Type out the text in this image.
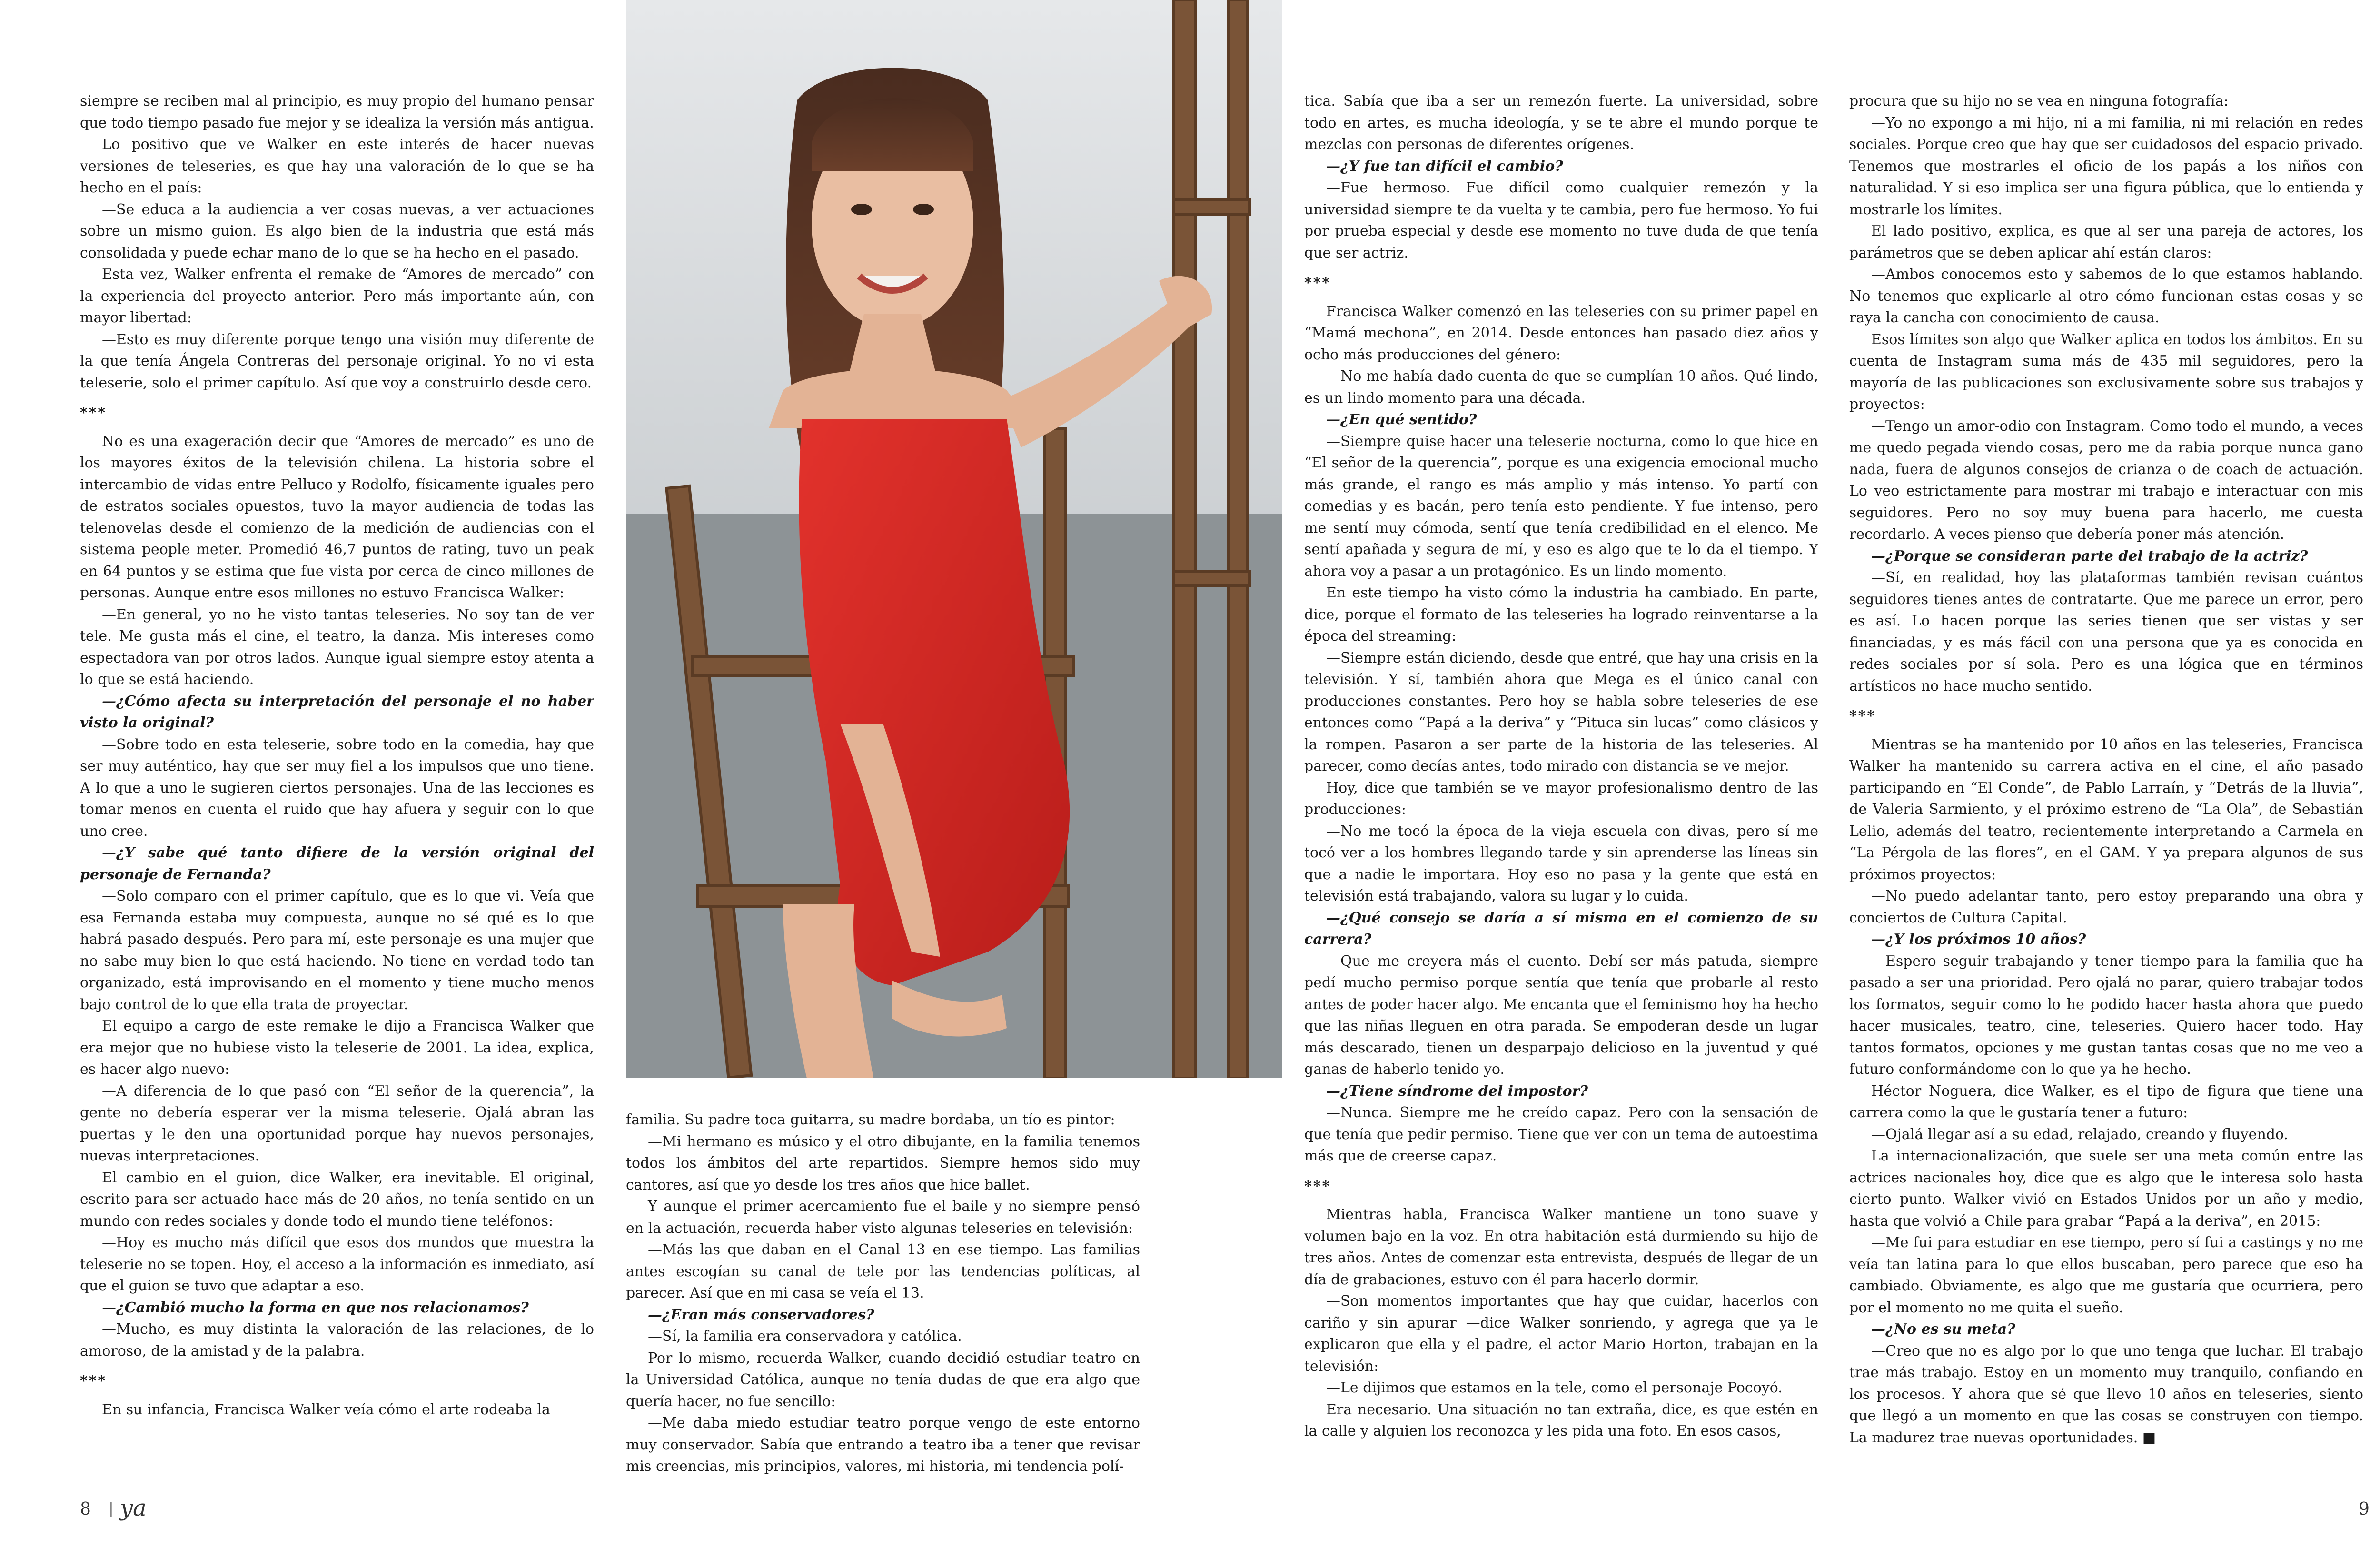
siempre se reciben mal al principio, es muy propio del humano pensar que todo tiempo pasado fue mejor y se idealiza la versión más antigua.

Lo positivo que ve Walker en este interés de hacer nuevas versiones de teleseries, es que hay una valoración de lo que se ha hecho en el país:

—Se educa a la audiencia a ver cosas nuevas, a ver actuaciones sobre un mismo guion. Es algo bien de la industria que está más consolidada y puede echar mano de lo que se ha hecho en el pasado.

Esta vez, Walker enfrenta el remake de “Amores de mercado” con la experiencia del proyecto anterior. Pero más importante aún, con mayor libertad:

—Esto es muy diferente porque tengo una visión muy diferente de la que tenía Ángela Contreras del personaje original. Yo no vi esta teleserie, solo el primer capítulo. Así que voy a construirlo desde cero.

***

No es una exageración decir que “Amores de mercado” es uno de los mayores éxitos de la televisión chilena. La historia sobre el intercambio de vidas entre Pelluco y Rodolfo, físicamente iguales pero de estratos sociales opuestos, tuvo la mayor audiencia de todas las telenovelas desde el comienzo de la medición de audiencias con el sistema people meter. Promedió 46,7 puntos de rating, tuvo un peak en 64 puntos y se estima que fue vista por cerca de cinco millones de personas. Aunque entre esos millones no estuvo Francisca Walker:

—En general, yo no he visto tantas teleseries. No soy tan de ver tele. Me gusta más el cine, el teatro, la danza. Mis intereses como espectadora van por otros lados. Aunque igual siempre estoy atenta a lo que se está haciendo.

—¿Cómo afecta su interpretación del personaje el no haber visto la original?

—Sobre todo en esta teleserie, sobre todo en la comedia, hay que ser muy auténtico, hay que ser muy fiel a los impulsos que uno tiene. A lo que a uno le sugieren ciertos personajes. Una de las lecciones es tomar menos en cuenta el ruido que hay afuera y seguir con lo que uno cree.

—¿Y sabe qué tanto difiere de la versión original del personaje de Fernanda?

—Solo comparo con el primer capítulo, que es lo que vi. Veía que esa Fernanda estaba muy compuesta, aunque no sé qué es lo que habrá pasado después. Pero para mí, este personaje es una mujer que no sabe muy bien lo que está haciendo. No tiene en verdad todo tan organizado, está improvisando en el momento y tiene mucho menos bajo control de lo que ella trata de proyectar.

El equipo a cargo de este remake le dijo a Francisca Walker que era mejor que no hubiese visto la teleserie de 2001. La idea, explica, es hacer algo nuevo:

—A diferencia de lo que pasó con “El señor de la querencia”, la gente no debería esperar ver la misma teleserie. Ojalá abran las puertas y le den una oportunidad porque hay nuevos personajes, nuevas interpretaciones.

El cambio en el guion, dice Walker, era inevitable. El original, escrito para ser actuado hace más de 20 años, no tenía sentido en un mundo con redes sociales y donde todo el mundo tiene teléfonos:

—Hoy es mucho más difícil que esos dos mundos que muestra la teleserie no se topen. Hoy, el acceso a la información es inmediato, así que el guion se tuvo que adaptar a eso.

—¿Cambió mucho la forma en que nos relacionamos?

—Mucho, es muy distinta la valoración de las relaciones, de lo amoroso, de la amistad y de la palabra.

***

En su infancia, Francisca Walker veía cómo el arte rodeaba la

familia. Su padre toca guitarra, su madre bordaba, un tío es pintor:

—Mi hermano es músico y el otro dibujante, en la familia tenemos todos los ámbitos del arte repartidos. Siempre hemos sido muy cantores, así que yo desde los tres años que hice ballet.

Y aunque el primer acercamiento fue el baile y no siempre pensó en la actuación, recuerda haber visto algunas teleseries en televisión:

—Más las que daban en el Canal 13 en ese tiempo. Las familias antes escogían su canal de tele por las tendencias políticas, al parecer. Así que en mi casa se veía el 13.

—¿Eran más conservadores?

—Sí, la familia era conservadora y católica.

Por lo mismo, recuerda Walker, cuando decidió estudiar teatro en la Universidad Católica, aunque no tenía dudas de que era algo que quería hacer, no fue sencillo:

—Me daba miedo estudiar teatro porque vengo de este entorno muy conservador. Sabía que entrando a teatro iba a tener que revisar mis creencias, mis principios, valores, mi historia, mi tendencia polí-

tica. Sabía que iba a ser un remezón fuerte. La universidad, sobre todo en artes, es mucha ideología, y se te abre el mundo porque te mezclas con personas de diferentes orígenes.

—¿Y fue tan difícil el cambio?

—Fue hermoso. Fue difícil como cualquier remezón y la universidad siempre te da vuelta y te cambia, pero fue hermoso. Yo fui por prueba especial y desde ese momento no tuve duda de que tenía que ser actriz.

***

Francisca Walker comenzó en las teleseries con su primer papel en “Mamá mechona”, en 2014. Desde entonces han pasado diez años y ocho más producciones del género:

—No me había dado cuenta de que se cumplían 10 años. Qué lindo, es un lindo momento para una década.

—¿En qué sentido?

—Siempre quise hacer una teleserie nocturna, como lo que hice en “El señor de la querencia”, porque es una exigencia emocional mucho más grande, el rango es más amplio y más intenso. Yo partí con comedias y es bacán, pero tenía esto pendiente. Y fue intenso, pero me sentí muy cómoda, sentí que tenía credibilidad en el elenco. Me sentí apañada y segura de mí, y eso es algo que te lo da el tiempo. Y ahora voy a pasar a un protagónico. Es un lindo momento.

En este tiempo ha visto cómo la industria ha cambiado. En parte, dice, porque el formato de las teleseries ha logrado reinventarse a la época del streaming:

—Siempre están diciendo, desde que entré, que hay una crisis en la televisión. Y sí, también ahora que Mega es el único canal con producciones constantes. Pero hoy se habla sobre teleseries de ese entonces como “Papá a la deriva” y “Pituca sin lucas” como clásicos y la rompen. Pasaron a ser parte de la historia de las teleseries. Al parecer, como decías antes, todo mirado con distancia se ve mejor.

Hoy, dice que también se ve mayor profesionalismo dentro de las producciones:

—No me tocó la época de la vieja escuela con divas, pero sí me tocó ver a los hombres llegando tarde y sin aprenderse las líneas sin que a nadie le importara. Hoy eso no pasa y la gente que está en televisión está trabajando, valora su lugar y lo cuida.

—¿Qué consejo se daría a sí misma en el comienzo de su carrera?

—Que me creyera más el cuento. Debí ser más patuda, siempre pedí mucho permiso porque sentía que tenía que probarle al resto antes de poder hacer algo. Me encanta que el feminismo hoy ha hecho que las niñas lleguen en otra parada. Se empoderan desde un lugar más descarado, tienen un desparpajo delicioso en la juventud y qué ganas de haberlo tenido yo.

—¿Tiene síndrome del impostor?

—Nunca. Siempre me he creído capaz. Pero con la sensación de que tenía que pedir permiso. Tiene que ver con un tema de autoestima más que de creerse capaz.

***

Mientras habla, Francisca Walker mantiene un tono suave y volumen bajo en la voz. En otra habitación está durmiendo su hijo de tres años. Antes de comenzar esta entrevista, después de llegar de un día de grabaciones, estuvo con él para hacerlo dormir.

—Son momentos importantes que hay que cuidar, hacerlos con cariño y sin apurar —dice Walker sonriendo, y agrega que ya le explicaron que ella y el padre, el actor Mario Horton, trabajan en la televisión:

—Le dijimos que estamos en la tele, como el personaje Pocoyó.

Era necesario. Una situación no tan extraña, dice, es que estén en la calle y alguien los reconozca y les pida una foto. En esos casos,

procura que su hijo no se vea en ninguna fotografía:

—Yo no expongo a mi hijo, ni a mi familia, ni mi relación en redes sociales. Porque creo que hay que ser cuidadosos del espacio privado. Tenemos que mostrarles el oficio de los papás a los niños con naturalidad. Y si eso implica ser una figura pública, que lo entienda y mostrarle los límites.

El lado positivo, explica, es que al ser una pareja de actores, los parámetros que se deben aplicar ahí están claros:

—Ambos conocemos esto y sabemos de lo que estamos hablando. No tenemos que explicarle al otro cómo funcionan estas cosas y se raya la cancha con conocimiento de causa.

Esos límites son algo que Walker aplica en todos los ámbitos. En su cuenta de Instagram suma más de 435 mil seguidores, pero la mayoría de las publicaciones son exclusivamente sobre sus trabajos y proyectos:

—Tengo un amor-odio con Instagram. Como todo el mundo, a veces me quedo pegada viendo cosas, pero me da rabia porque nunca gano nada, fuera de algunos consejos de crianza o de coach de actuación. Lo veo estrictamente para mostrar mi trabajo e interactuar con mis seguidores. Pero no soy muy buena para hacerlo, me cuesta recordarlo. A veces pienso que debería poner más atención.

—¿Porque se consideran parte del trabajo de la actriz?

—Sí, en realidad, hoy las plataformas también revisan cuántos seguidores tienes antes de contratarte. Que me parece un error, pero es así. Lo hacen porque las series tienen que ser vistas y ser financiadas, y es más fácil con una persona que ya es conocida en redes sociales por sí sola. Pero es una lógica que en términos artísticos no hace mucho sentido.

***

Mientras se ha mantenido por 10 años en las teleseries, Francisca Walker ha mantenido su carrera activa en el cine, el año pasado participando en “El Conde”, de Pablo Larraín, y “Detrás de la lluvia”, de Valeria Sarmiento, y el próximo estreno de “La Ola”, de Sebastián Lelio, además del teatro, recientemente interpretando a Carmela en “La Pérgola de las flores”, en el GAM. Y ya prepara algunos de sus próximos proyectos:

—No puedo adelantar tanto, pero estoy preparando una obra y conciertos de Cultura Capital.

—¿Y los próximos 10 años?

—Espero seguir trabajando y tener tiempo para la familia que ha pasado a ser una prioridad. Pero ojalá no parar, quiero trabajar todos los formatos, seguir como lo he podido hacer hasta ahora que puedo hacer musicales, teatro, cine, teleseries. Quiero hacer todo. Hay tantos formatos, opciones y me gustan tantas cosas que no me veo a futuro conformándome con lo que ya he hecho.

Héctor Noguera, dice Walker, es el tipo de figura que tiene una carrera como la que le gustaría tener a futuro:

—Ojalá llegar así a su edad, relajado, creando y fluyendo.

La internacionalización, que suele ser una meta común entre las actrices nacionales hoy, dice que es algo que le interesa solo hasta cierto punto. Walker vivió en Estados Unidos por un año y medio, hasta que volvió a Chile para grabar “Papá a la deriva”, en 2015:

—Me fui para estudiar en ese tiempo, pero sí fui a castings y no me veía tan latina para lo que ellos buscaban, pero parece que eso ha cambiado. Obviamente, es algo que me gustaría que ocurriera, pero por el momento no me quita el sueño.

—¿No es su meta?

—Creo que no es algo por lo que uno tenga que luchar. El trabajo trae más trabajo. Estoy en un momento muy tranquilo, confiando en los procesos. Y ahora que sé que llevo 10 años en teleseries, siento que llegó a un momento en que las cosas se construyen con tiempo. La madurez trae nuevas oportunidades. ■

8 | ya	9
